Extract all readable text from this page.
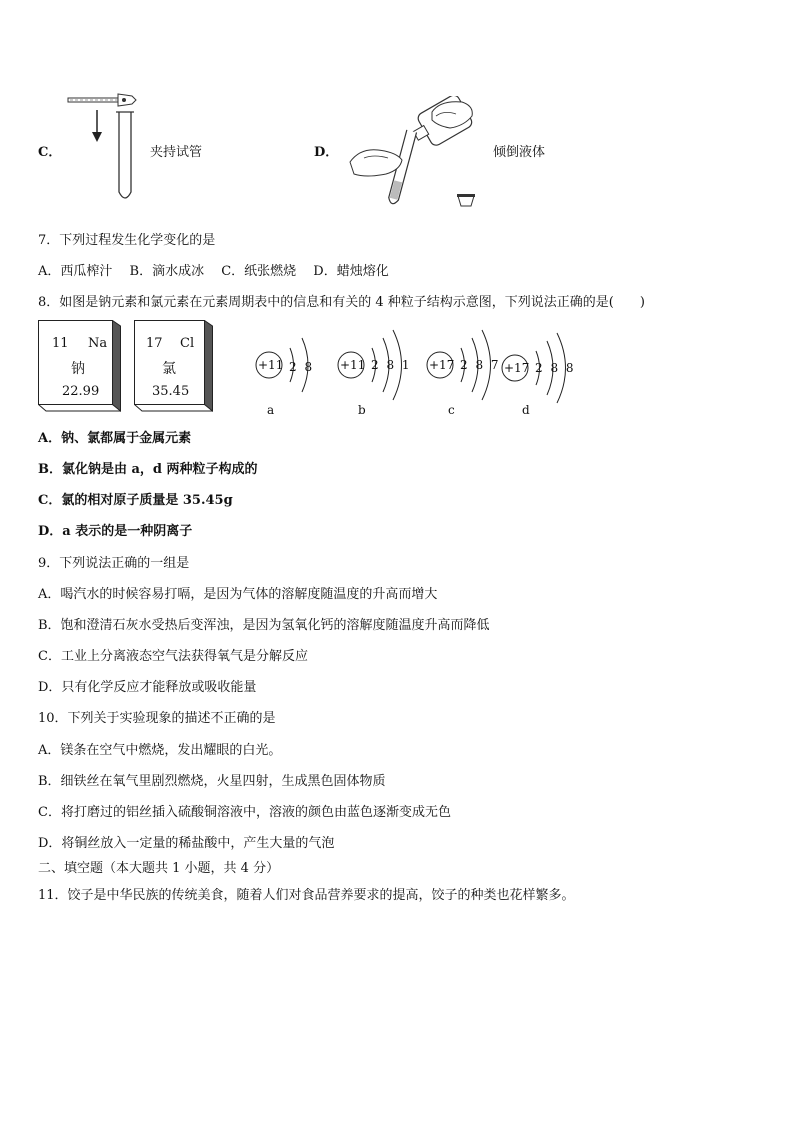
C．	夹持试管	D．	倾倒液体
7．下列过程发生化学变化的是
A．西瓜榨汁　 B．滴水成冰　 C．纸张燃烧　 D．蜡烛熔化
8．如图是钠元素和氯元素在元素周期表中的信息和有关的 4 种粒子结构示意图，下列说法正确的是(　　)
11 Na
钠
22.99
17 Cl
氯
35.45
+11 2 8
a
+11 2 8 1
b
+17 2 8 7
c
+17 2 8 8
d
A．钠、氯都属于金属元素
B．氯化钠是由 a，d 两种粒子构成的
C．氯的相对原子质量是 35.45g
D．a 表示的是一种阴离子
9．下列说法正确的一组是
A．喝汽水的时候容易打嗝，是因为气体的溶解度随温度的升高而增大
B．饱和澄清石灰水受热后变浑浊，是因为氢氧化钙的溶解度随温度升高而降低
C．工业上分离液态空气法获得氧气是分解反应
D．只有化学反应才能释放或吸收能量
10．下列关于实验现象的描述不正确的是
A．镁条在空气中燃烧，发出耀眼的白光。
B．细铁丝在氧气里剧烈燃烧，火星四射，生成黑色固体物质
C．将打磨过的铝丝插入硫酸铜溶液中，溶液的颜色由蓝色逐渐变成无色
D．将铜丝放入一定量的稀盐酸中，产生大量的气泡
二、填空题（本大题共 1 小题，共 4 分）
11．饺子是中华民族的传统美食，随着人们对食品营养要求的提高，饺子的种类也花样繁多。
